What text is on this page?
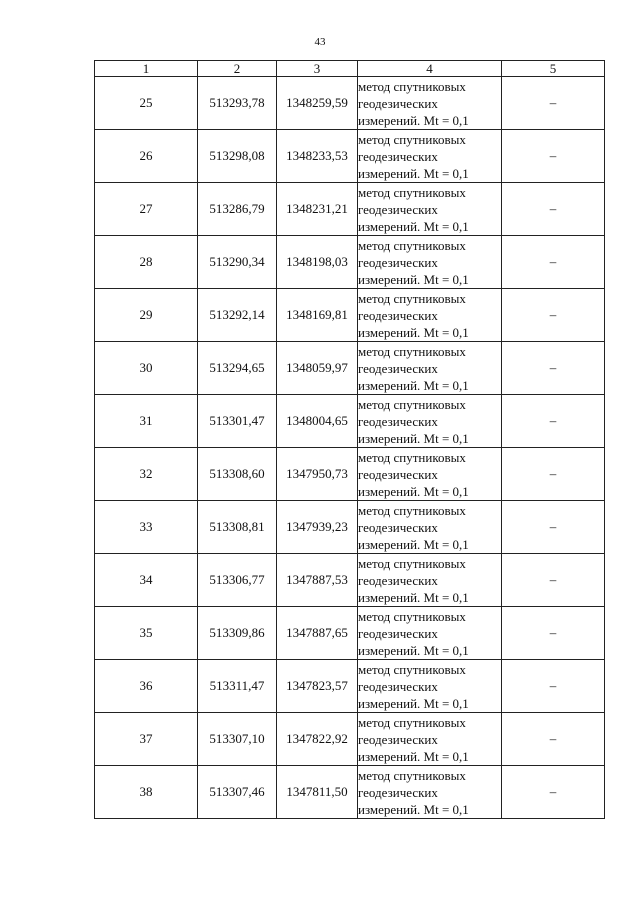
43
1	2	3	4	5
25	513293,78	1348259,59	метод спутниковых
геодезических
измерений. Mt = 0,1	–
26	513298,08	1348233,53	метод спутниковых
геодезических
измерений. Mt = 0,1	–
27	513286,79	1348231,21	метод спутниковых
геодезических
измерений. Mt = 0,1	–
28	513290,34	1348198,03	метод спутниковых
геодезических
измерений. Mt = 0,1	–
29	513292,14	1348169,81	метод спутниковых
геодезических
измерений. Mt = 0,1	–
30	513294,65	1348059,97	метод спутниковых
геодезических
измерений. Mt = 0,1	–
31	513301,47	1348004,65	метод спутниковых
геодезических
измерений. Mt = 0,1	–
32	513308,60	1347950,73	метод спутниковых
геодезических
измерений. Mt = 0,1	–
33	513308,81	1347939,23	метод спутниковых
геодезических
измерений. Mt = 0,1	–
34	513306,77	1347887,53	метод спутниковых
геодезических
измерений. Mt = 0,1	–
35	513309,86	1347887,65	метод спутниковых
геодезических
измерений. Mt = 0,1	–
36	513311,47	1347823,57	метод спутниковых
геодезических
измерений. Mt = 0,1	–
37	513307,10	1347822,92	метод спутниковых
геодезических
измерений. Mt = 0,1	–
38	513307,46	1347811,50	метод спутниковых
геодезических
измерений. Mt = 0,1	–
